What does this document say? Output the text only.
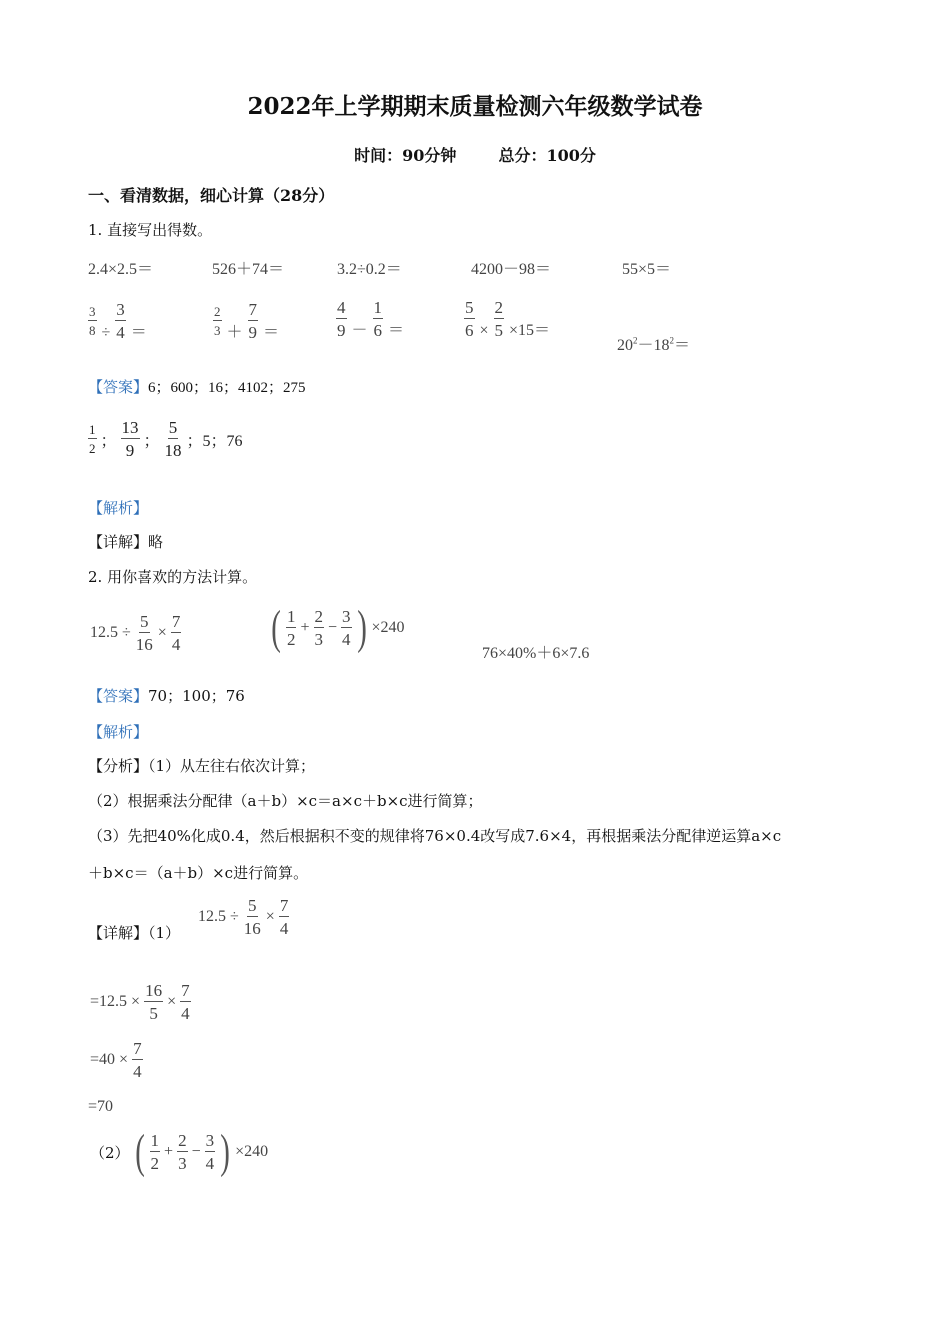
2022年上学期期末质量检测六年级数学试卷
时间：90分钟	总分：100分
一、看清数据，细心计算（28分）
1. 直接写出得数。
2.4×2.5＝	526＋74＝	3.2÷0.2＝	4200－98＝	55×5＝
$\frac{3}{8} \div \frac{3}{4}$ ＝	$\frac{2}{3} + \frac{7}{9}$ ＝	$\frac{4}{9} - \frac{1}{6}$ ＝	$\frac{5}{6} \times \frac{2}{5} \times 15=$
$20^2-18^2=$
【答案】6；600；16；4102；275
$\frac{1}{2}$ ； $\frac{13}{9}$ ； $\frac{5}{18}$ ；5；76
【解析】
【详解】略
2. 用你喜欢的方法计算。
$12.5 \div \frac{5}{16} \times \frac{7}{4}$ ( $\frac{1}{2} + \frac{2}{3} - \frac{3}{4}$ ) ×240
76×40%＋6×7.6
【答案】70；100；76
【解析】
【分析】（1）从左往右依次计算；
（2）根据乘法分配律（a＋b）×c＝a×c＋b×c进行简算；
（3）先把40%化成0.4，然后根据积不变的规律将76×0.4改写成7.6×4，再根据乘法分配律逆运算a×c
＋b×c＝（a＋b）×c进行简算。
【详解】（1）
$12.5 \div \frac{5}{16} \times \frac{7}{4}$
$=12.5 \times \frac{16}{5} \times \frac{7}{4}$
$=40 \times \frac{7}{4}$
=70
（2） ( $\frac{1}{2} + \frac{2}{3} - \frac{3}{4}$ ) ×240
